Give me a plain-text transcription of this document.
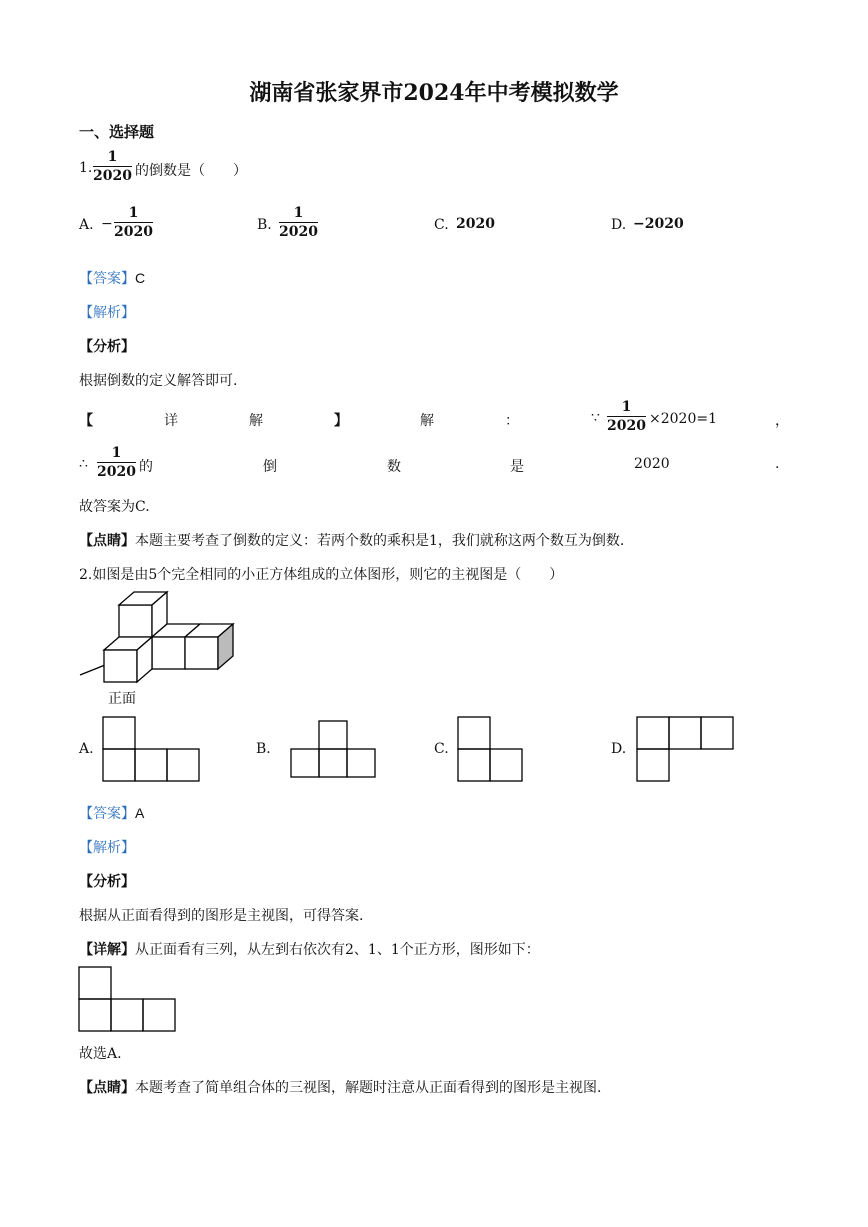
湖南省张家界市2024年中考模拟数学
一、选择题
1. $\frac{1}{2020}$ 的倒数是（　　）
A. − $\frac{1}{2020}$	B. $\frac{1}{2020}$	C. 2020	D. −2020
【答案】C
【解析】
【分析】
根据倒数的定义解答即可.
【	详	解	】	解	：	∵ $\frac{1}{2020} \times 2020=1$	，
∴ $\frac{1}{2020}$ 的	倒	数	是	2020	.
故答案为C.
【点睛】本题主要考查了倒数的定义：若两个数的乘积是1，我们就称这两个数互为倒数.
2.如图是由5个完全相同的小正方体组成的立体图形，则它的主视图是（　　）
正面
A.	B.	C.	D.
【答案】A
【解析】
【分析】
根据从正面看得到的图形是主视图，可得答案.
【详解】从正面看有三列，从左到右依次有2、1、1个正方形，图形如下：
故选A.
【点睛】本题考查了简单组合体的三视图，解题时注意从正面看得到的图形是主视图.
